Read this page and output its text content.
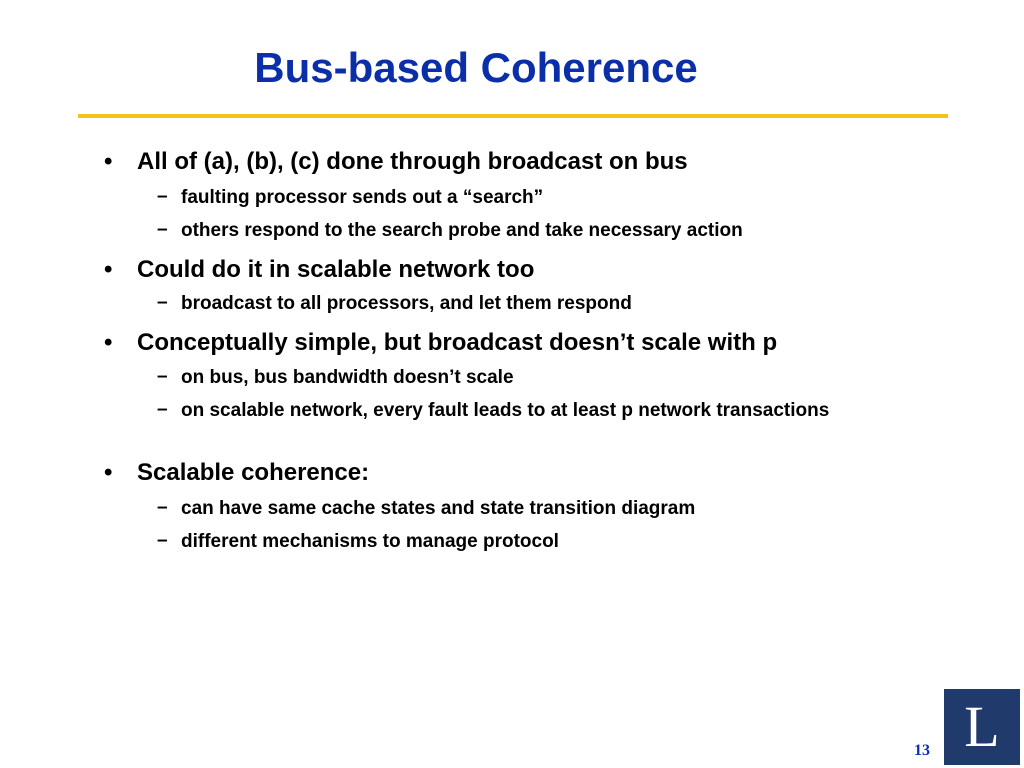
Bus-based Coherence
•	All of (a), (b), (c) done through broadcast on bus
– faulting processor sends out a “search”
– others respond to the search probe and take necessary action
•	Could do it in scalable network too
– broadcast to all processors, and let them respond
•	Conceptually simple, but broadcast doesn’t scale with p
– on bus, bus bandwidth doesn’t scale
– on scalable network, every fault leads to at least p network transactions
•	Scalable coherence:
– can have same cache states and state transition diagram
– different mechanisms to manage protocol
L
13
